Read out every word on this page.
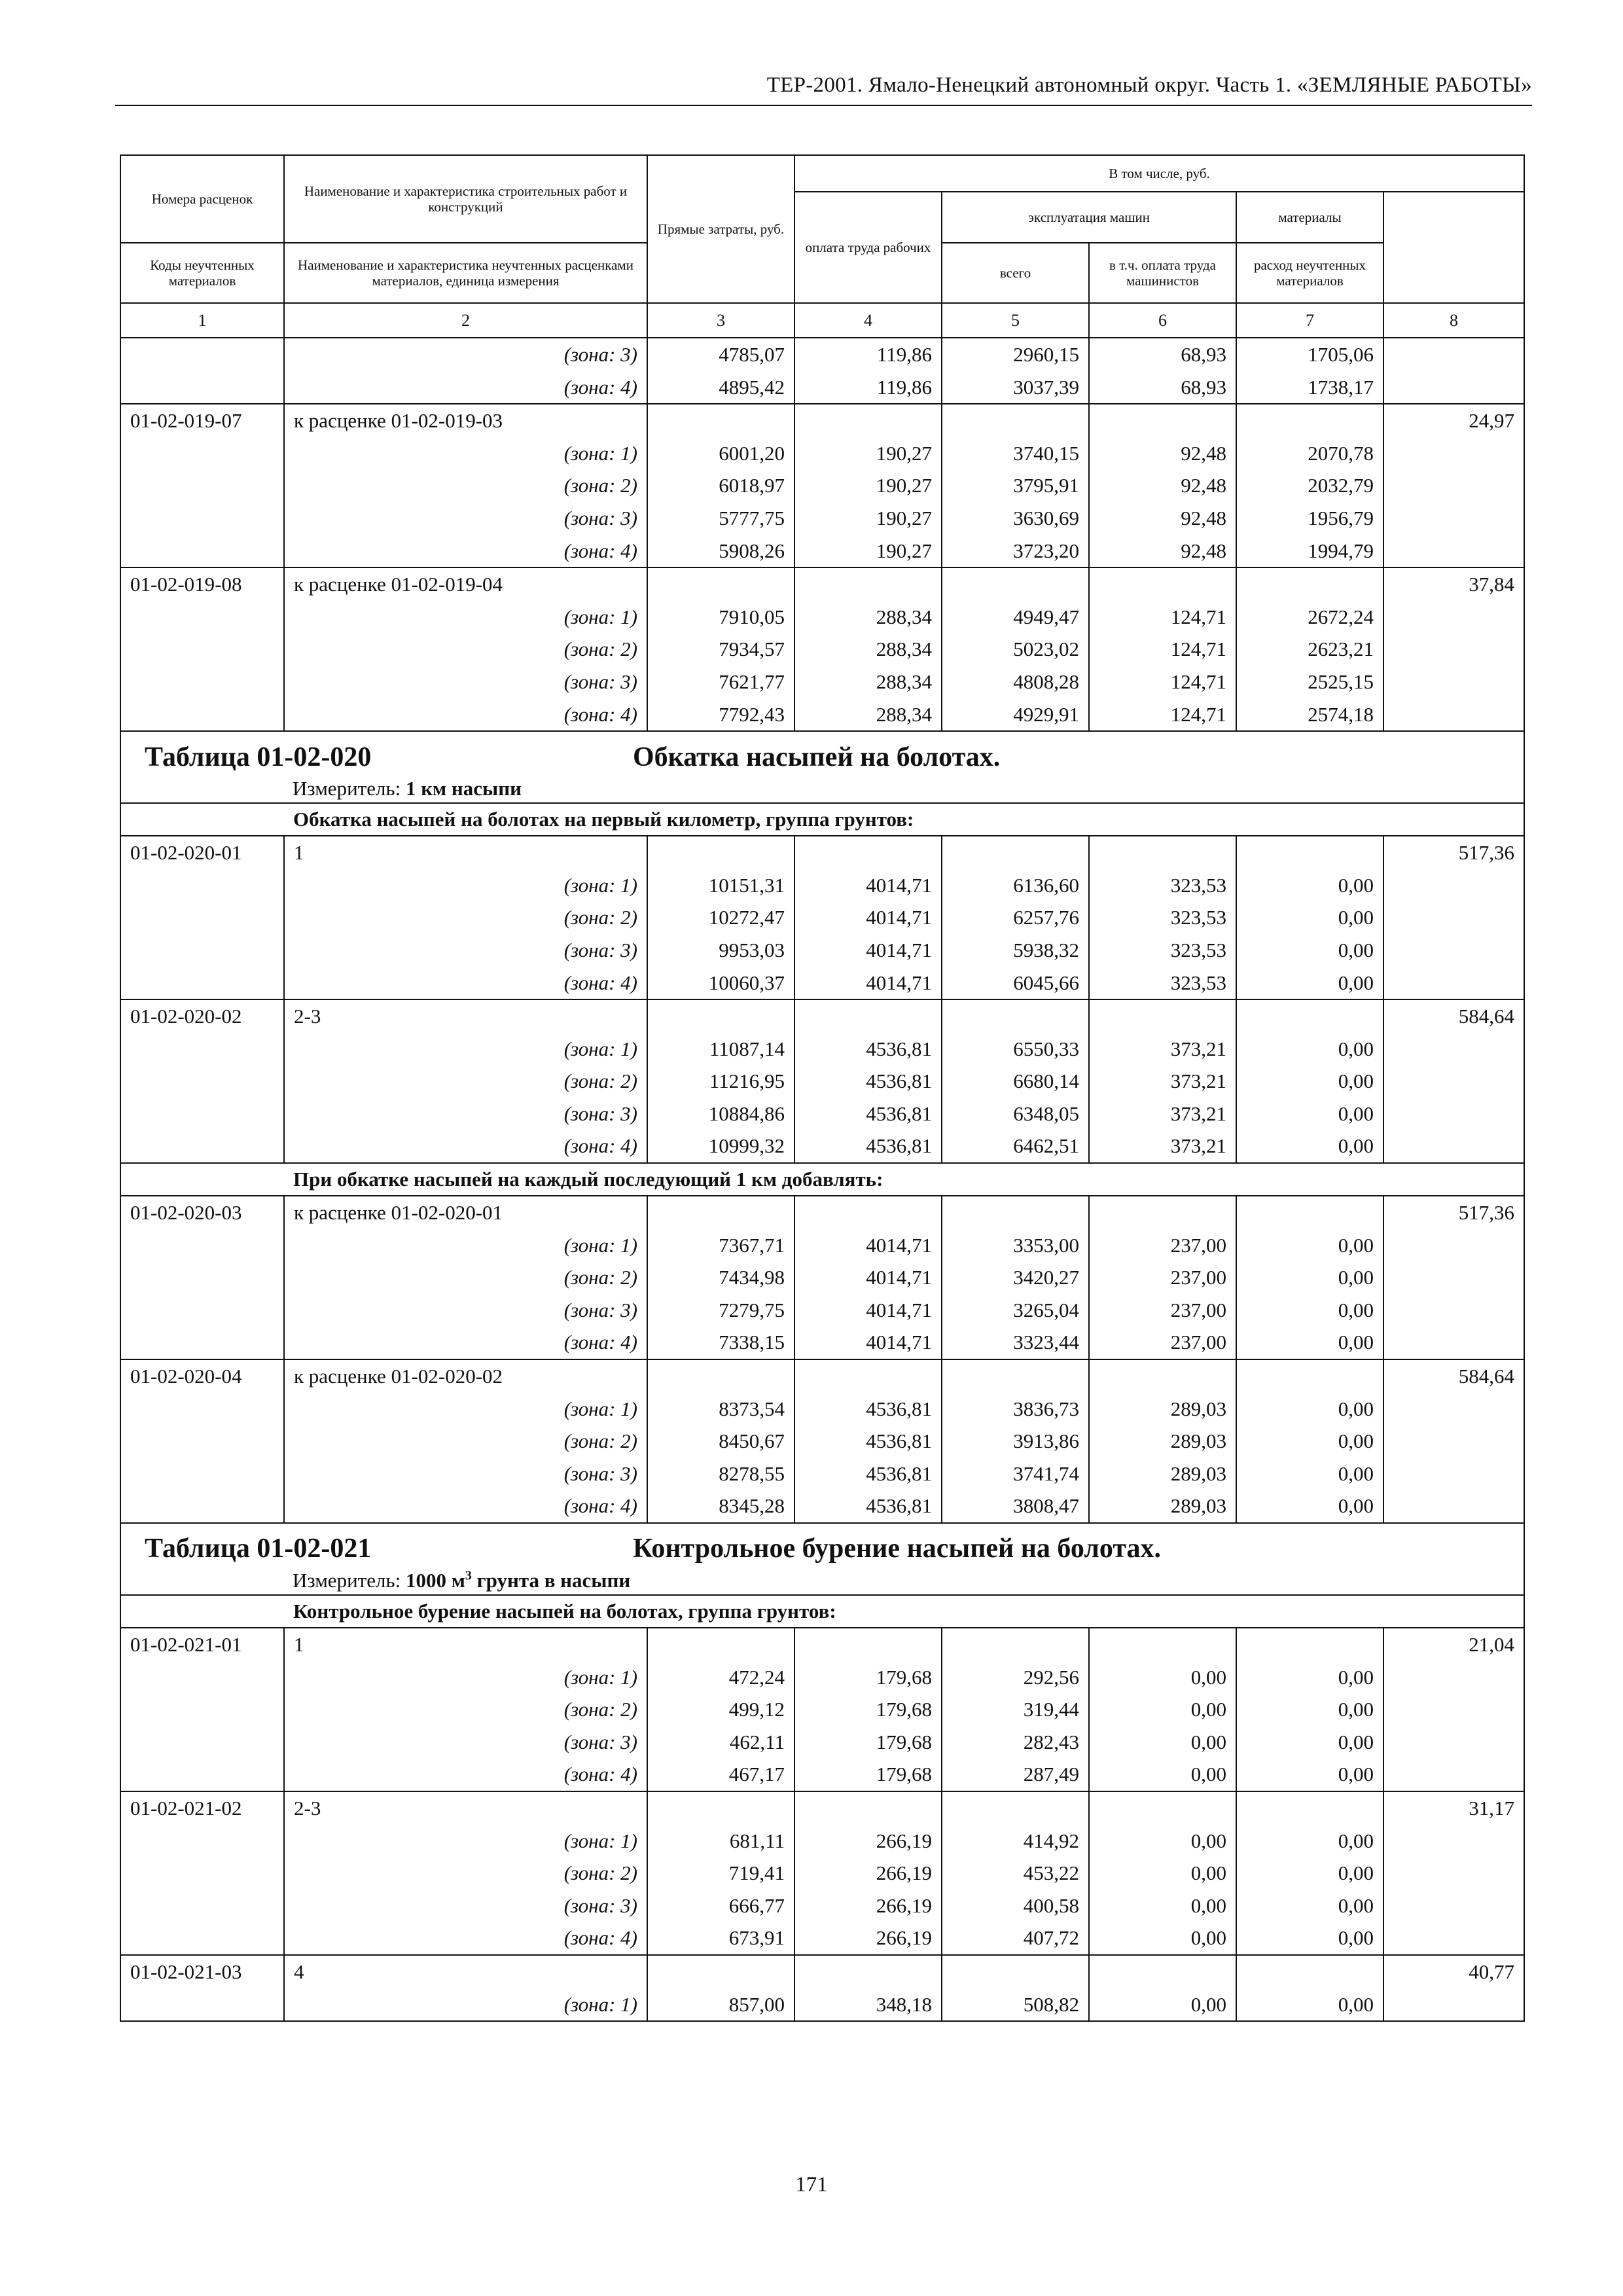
ТЕР-2001. Ямало-Ненецкий автономный округ. Часть 1. «ЗЕМЛЯНЫЕ РАБОТЫ»
Номера расценок	Наименование и характеристика строительных работ и конструкций	Прямые затраты, руб.	В том числе, руб.	
			оплата труда рабочих	эксплуатация машин		материалы		
Коды неучтенных материалов	Наименование и характеристика неучтенных расценками материалов, единица измерения			всего	в т.ч. оплата труда машинистов	расход неучтенных материалов		
1	2	3	4	5	6	7	8	
	(зона: 3)	4785,07	119,86	2960,15	68,93	1705,06		
	(зона: 4)	4895,42	119,86	3037,39	68,93	1738,17		
01-02-019-07	к расценке 01-02-019-03						24,97	
	(зона: 1)	6001,20	190,27	3740,15	92,48	2070,78		
	(зона: 2)	6018,97	190,27	3795,91	92,48	2032,79		
	(зона: 3)	5777,75	190,27	3630,69	92,48	1956,79		
	(зона: 4)	5908,26	190,27	3723,20	92,48	1994,79		
01-02-019-08	к расценке 01-02-019-04						37,84	
	(зона: 1)	7910,05	288,34	4949,47	124,71	2672,24		
	(зона: 2)	7934,57	288,34	5023,02	124,71	2623,21		
	(зона: 3)	7621,77	288,34	4808,28	124,71	2525,15		
	(зона: 4)	7792,43	288,34	4929,91	124,71	2574,18		
Таблица 01-02-020 Обкатка насыпей на болотах.								
Измеритель: 1 км насыпи								
	Обкатка насыпей на болотах на первый километр, группа грунтов:							
01-02-020-01	1						517,36	
	(зона: 1)	10151,31	4014,71	6136,60	323,53	0,00		
	(зона: 2)	10272,47	4014,71	6257,76	323,53	0,00		
	(зона: 3)	9953,03	4014,71	5938,32	323,53	0,00		
	(зона: 4)	10060,37	4014,71	6045,66	323,53	0,00		
01-02-020-02	2-3						584,64	
	(зона: 1)	11087,14	4536,81	6550,33	373,21	0,00		
	(зона: 2)	11216,95	4536,81	6680,14	373,21	0,00		
	(зона: 3)	10884,86	4536,81	6348,05	373,21	0,00		
	(зона: 4)	10999,32	4536,81	6462,51	373,21	0,00		
	При обкатке насыпей на каждый последующий 1 км добавлять:							
01-02-020-03	к расценке 01-02-020-01						517,36	
	(зона: 1)	7367,71	4014,71	3353,00	237,00	0,00		
	(зона: 2)	7434,98	4014,71	3420,27	237,00	0,00		
	(зона: 3)	7279,75	4014,71	3265,04	237,00	0,00		
	(зона: 4)	7338,15	4014,71	3323,44	237,00	0,00		
01-02-020-04	к расценке 01-02-020-02						584,64	
	(зона: 1)	8373,54	4536,81	3836,73	289,03	0,00		
	(зона: 2)	8450,67	4536,81	3913,86	289,03	0,00		
	(зона: 3)	8278,55	4536,81	3741,74	289,03	0,00		
	(зона: 4)	8345,28	4536,81	3808,47	289,03	0,00		
Таблица 01-02-021 Контрольное бурение насыпей на болотах.								
Измеритель: 1000 $м^3$ грунта в насыпи								
	Контрольное бурение насыпей на болотах, группа грунтов:							
01-02-021-01	1						21,04	
	(зона: 1)	472,24	179,68	292,56	0,00	0,00		
	(зона: 2)	499,12	179,68	319,44	0,00	0,00		
	(зона: 3)	462,11	179,68	282,43	0,00	0,00		
	(зона: 4)	467,17	179,68	287,49	0,00	0,00		
01-02-021-02	2-3						31,17	
	(зона: 1)	681,11	266,19	414,92	0,00	0,00		
	(зона: 2)	719,41	266,19	453,22	0,00	0,00		
	(зона: 3)	666,77	266,19	400,58	0,00	0,00		
	(зона: 4)	673,91	266,19	407,72	0,00	0,00		
01-02-021-03	4						40,77	
	(зона: 1)	857,00	348,18	508,82	0,00	0,00		
171
